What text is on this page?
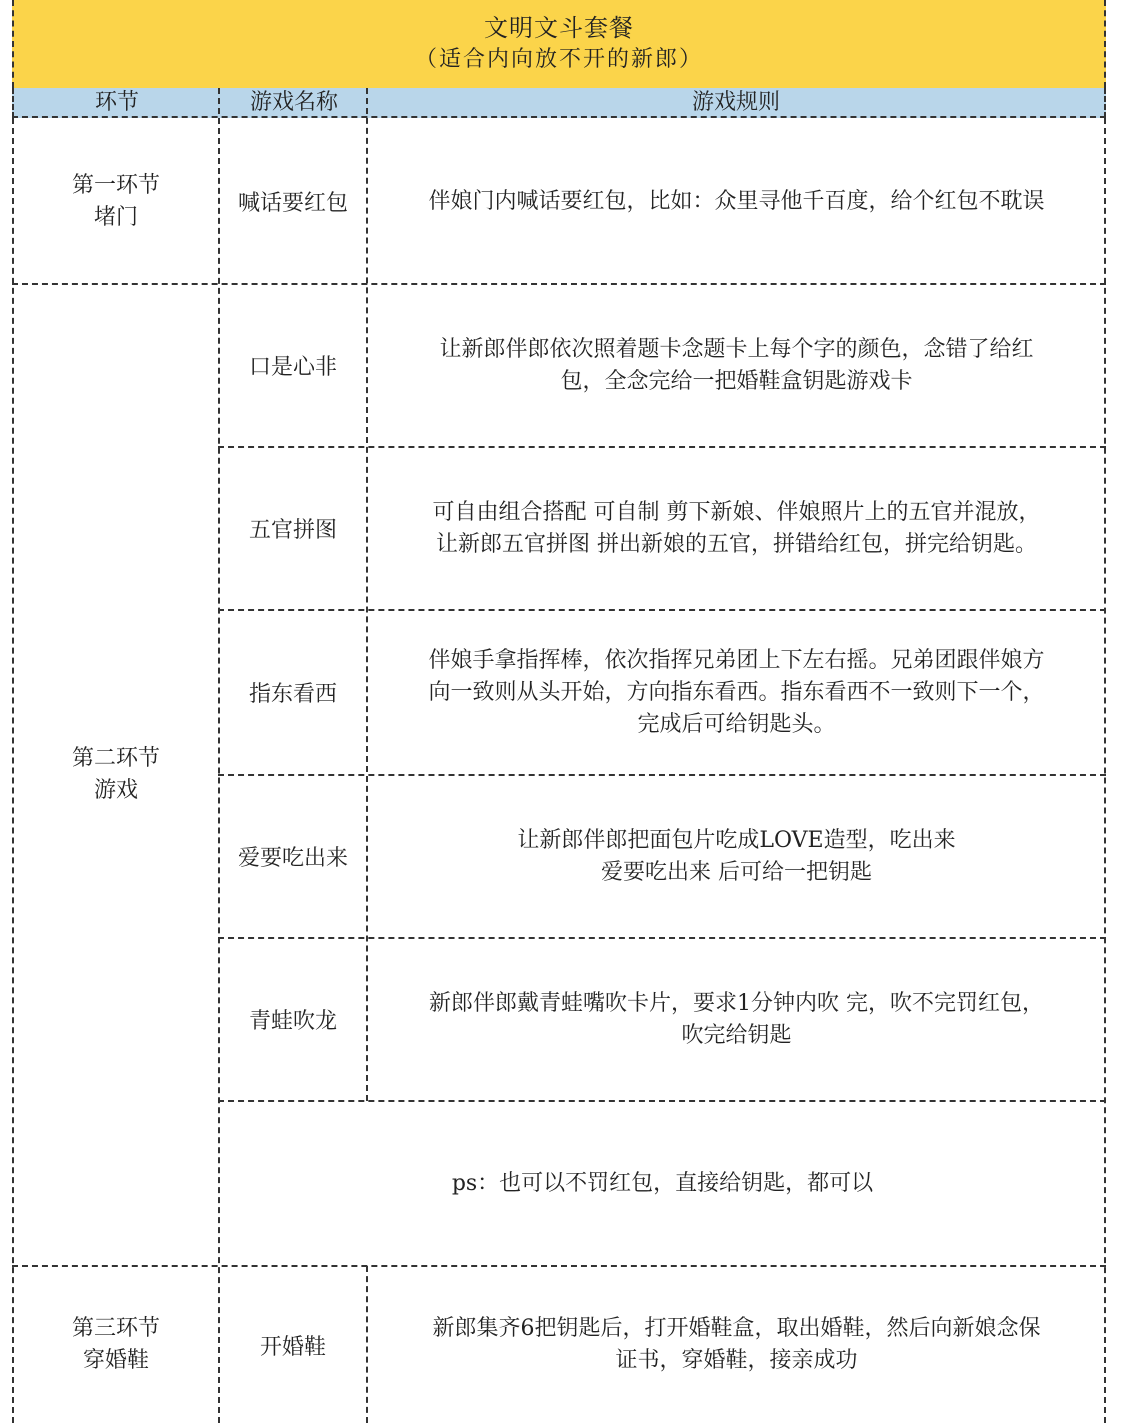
文明文斗套餐
（适合内向放不开的新郎）
环节	游戏名称	游戏规则
第一环节
堵门
第二环节
游戏
第三环节
穿婚鞋
喊话要红包
口是心非
五官拼图
指东看西
爱要吃出来
青蛙吹龙
开婚鞋
伴娘门内喊话要红包，比如：众里寻他千百度，给个红包不耽误
让新郎伴郎依次照着题卡念题卡上每个字的颜色，念错了给红
包，全念完给一把婚鞋盒钥匙游戏卡
可自由组合搭配 可自制 剪下新娘、伴娘照片上的五官并混放，
让新郎五官拼图 拼出新娘的五官，拼错给红包，拼完给钥匙。
伴娘手拿指挥棒，依次指挥兄弟团上下左右摇。兄弟团跟伴娘方
向一致则从头开始，方向指东看西。指东看西不一致则下一个，
完成后可给钥匙头。
让新郎伴郎把面包片吃成LOVE造型，吃出来
爱要吃出来 后可给一把钥匙
新郎伴郎戴青蛙嘴吹卡片，要求1分钟内吹 完，吹不完罚红包，
吹完给钥匙
ps：也可以不罚红包，直接给钥匙，都可以
新郎集齐6把钥匙后，打开婚鞋盒，取出婚鞋，然后向新娘念保
证书，穿婚鞋，接亲成功
